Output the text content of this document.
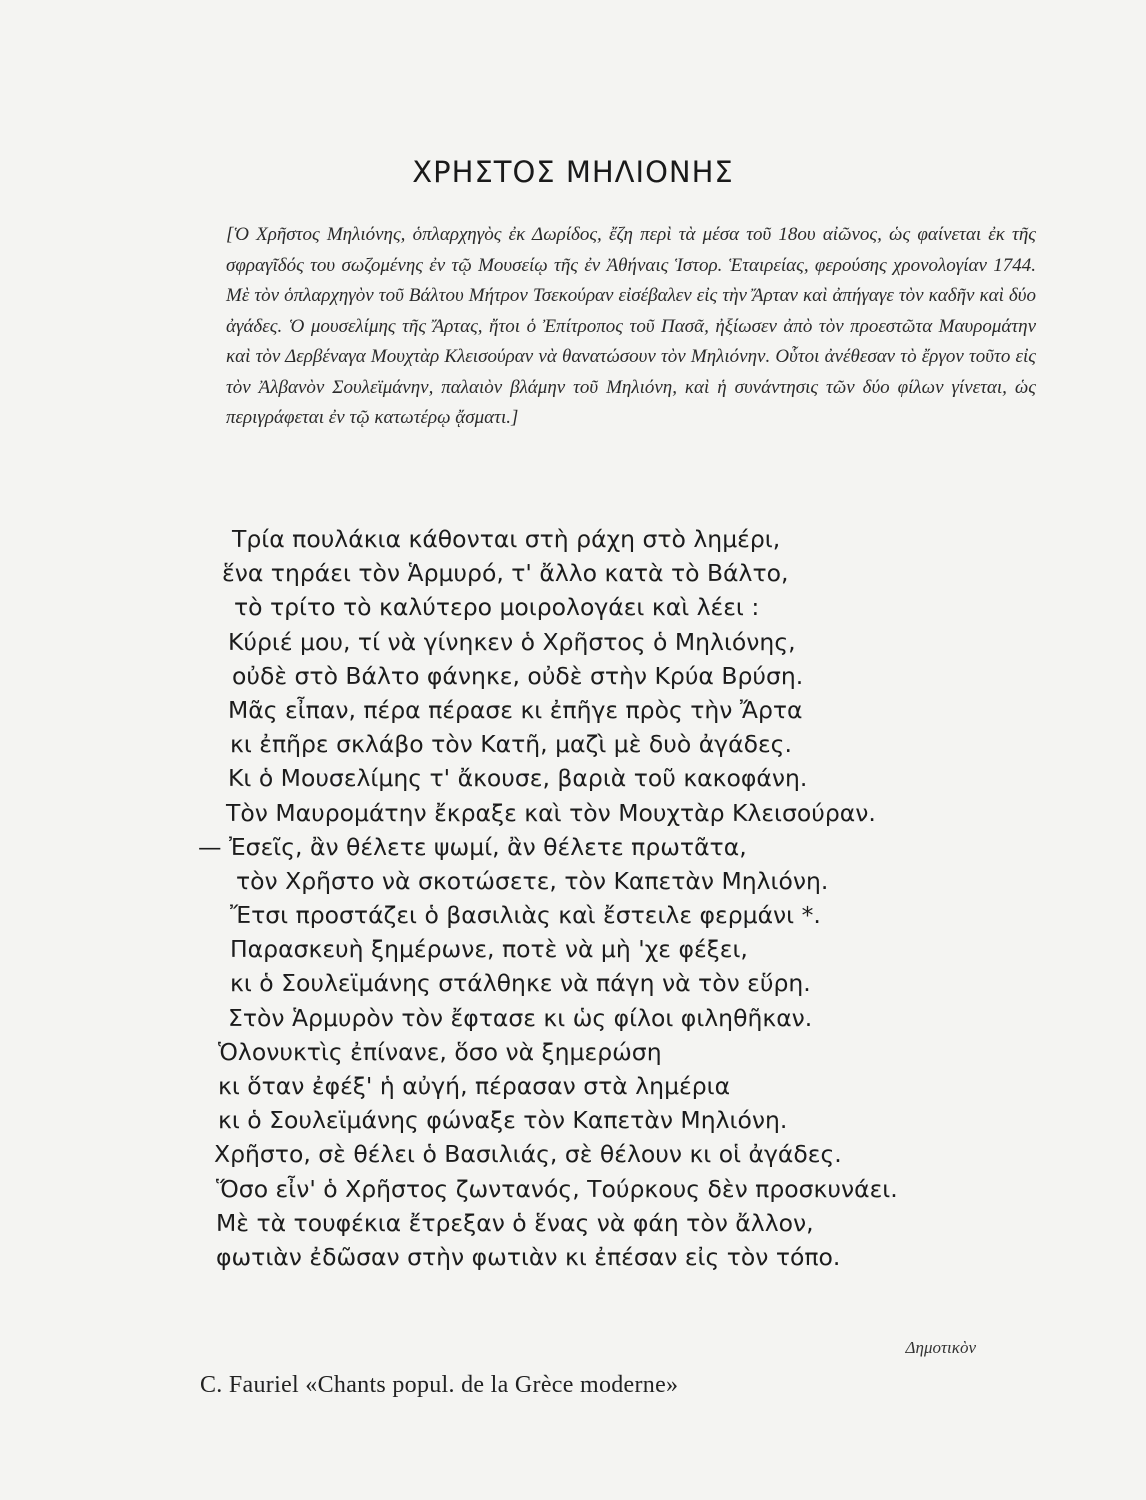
ΧΡΗΣΤΟΣ ΜΗΛΙΟΝΗΣ
[Ὁ Χρῆστος Μηλιόνης, ὁπλαρχηγὸς ἐκ Δωρίδος, ἔζη περὶ τὰ μέσα τοῦ 18ου αἰῶνος, ὡς φαίνεται ἐκ τῆς σφραγῖδός του σωζομένης ἐν τῷ Μουσείῳ τῆς ἐν Ἀθήναις Ἱστορ. Ἑταιρείας, φερούσης χρονολογίαν 1744. Μὲ τὸν ὁπλαρχηγὸν τοῦ Βάλτου Μήτρον Τσεκούραν εἰσέβαλεν εἰς τὴν Ἄρταν καὶ ἀπήγαγε τὸν καδῆν καὶ δύο ἀγάδες. Ὁ μουσελίμης τῆς Ἄρτας, ἤτοι ὁ Ἐπίτροπος τοῦ Πασᾶ, ἠξίωσεν ἀπὸ τὸν προεστῶτα Μαυρομάτην καὶ τὸν Δερβέναγα Μουχτὰρ Κλεισούραν νὰ θανατώσουν τὸν Μηλιόνην. Οὗτοι ἀνέθεσαν τὸ ἔργον τοῦτο εἰς τὸν Ἀλβανὸν Σουλεϊμάνην, παλαιὸν βλάμην τοῦ Μηλιόνη, καὶ ἡ συνάντησις τῶν δύο φίλων γίνεται, ὡς περιγράφεται ἐν τῷ κατωτέρῳ ᾄσματι.]
Τρία πουλάκια κάθονται στὴ ράχη στὸ λημέρι,
ἕνα τηράει τὸν Ἁρμυρό, τ' ἄλλο κατὰ τὸ Βάλτο,
τὸ τρίτο τὸ καλύτερο μοιρολογάει καὶ λέει :
Κύριέ μου, τί νὰ γίνηκεν ὁ Χρῆστος ὁ Μηλιόνης,
οὐδὲ στὸ Βάλτο φάνηκε, οὐδὲ στὴν Κρύα Βρύση.
Μᾶς εἶπαν, πέρα πέρασε κι ἐπῆγε πρὸς τὴν Ἄρτα
κι ἐπῆρε σκλάβο τὸν Κατῆ, μαζὶ μὲ δυὸ ἀγάδες.
Κι ὁ Μουσελίμης τ' ἄκουσε, βαριὰ τοῦ κακοφάνη.
Τὸν Μαυρομάτην ἔκραξε καὶ τὸν Μουχτὰρ Κλεισούραν.
— Ἐσεῖς, ἂν θέλετε ψωμί, ἂν θέλετε πρωτᾶτα,
τὸν Χρῆστο νὰ σκοτώσετε, τὸν Καπετὰν Μηλιόνη.
Ἔτσι προστάζει ὁ βασιλιὰς καὶ ἔστειλε φερμάνι *.
Παρασκευὴ ξημέρωνε, ποτὲ νὰ μὴ 'χε φέξει,
κι ὁ Σουλεϊμάνης στάλθηκε νὰ πάγη νὰ τὸν εὕρη.
Στὸν Ἁρμυρὸν τὸν ἔφτασε κι ὡς φίλοι φιληθῆκαν.
Ὁλονυκτὶς ἐπίνανε, ὅσο νὰ ξημερώση
κι ὅταν ἐφέξ' ἡ αὐγή, πέρασαν στὰ λημέρια
κι ὁ Σουλεϊμάνης φώναξε τὸν Καπετὰν Μηλιόνη.
Χρῆστο, σὲ θέλει ὁ Βασιλιάς, σὲ θέλουν κι οἱ ἀγάδες.
Ὅσο εἶν' ὁ Χρῆστος ζωντανός, Τούρκους δὲν προσκυνάει.
Μὲ τὰ τουφέκια ἔτρεξαν ὁ ἕνας νὰ φάη τὸν ἄλλον,
φωτιὰν ἐδῶσαν στὴν φωτιὰν κι ἐπέσαν εἰς τὸν τόπο.
Δημοτικὸν
C. Fauriel «Chants popul. de la Grèce moderne»
